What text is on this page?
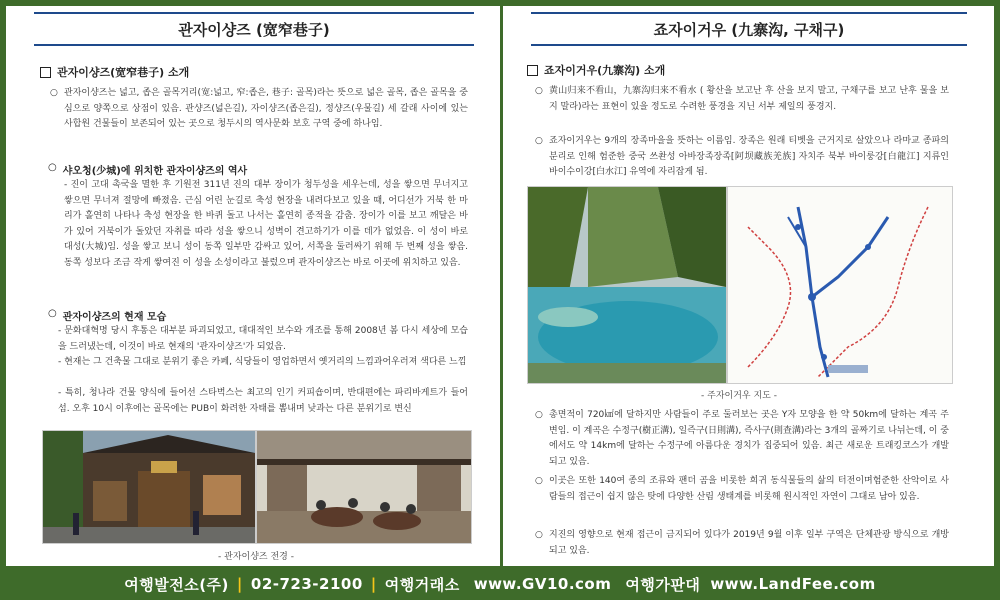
관자이샹즈 (宽窄巷子)
관자이샹즈(宽窄巷子) 소개
○ 관자이샹즈는 넓고, 좁은 골목거리(宽:넓고, 窄:좁은, 巷子: 골목)라는 뜻으로 넓은 골목, 좁은 골목을 중심으로 양쪽으로 상점이 있음. 관샹즈(넓은길), 자이샹즈(좁은길), 정샹즈(우물길) 세 갈래 사이에 있는 사합원 건물들이 보존되어 있는 곳으로 청두시의 역사문화 보호 구역 중에 하나임.
○ 샤오청(少城)에 위치한 관자이샹즈의 역사
- 진이 고대 촉국을 멸한 후 기원전 311년 진의 대부 장이가 청두성을 세우는데, 성을 쌓으면 무너지고 쌓으면 무너져 절망에 빠졌음. 근심 어린 눈길로 축성 현장을 내려다보고 있을 때, 어디선가 거북 한 마리가 홀연히 나타나 축성 현장을 한 바퀴 돌고 나서는 홀연히 종적을 감춤. 장이가 이를 보고 깨달은 바가 있어 거북이가 돌았던 자취를 따라 성을 쌓으니 성벽이 견고하기가 이를 데가 없었음. 이 성이 바로 대성(大城)임. 성을 쌓고 보니 성이 동쪽 일부만 감싸고 있어, 서쪽을 둘러싸기 위해 두 번째 성을 쌓음. 동쪽 성보다 조금 작게 쌓여진 이 성을 소성이라고 불렀으며 관자이샹즈는 바로 이곳에 위치하고 있음.
○ 관자이샹즈의 현재 모습
- 문화대혁명 당시 후통은 대부분 파괴되었고, 대대적인 보수와 개조를 통해 2008년 봄 다시 세상에 모습을 드러냈는데, 이것이 바로 현재의 '관자이샹즈'가 되었음.
- 현재는 그 건축물 그대로 분위기 좋은 카페, 식당들이 영업하면서 옛거리의 느낌과어우러져 색다른 느낌
- 특히, 청나라 건물 양식에 들어선 스타벅스는 최고의 인기 커피숍이며, 반대편에는 파리바게트가 들어섬. 오후 10시 이후에는 골목에는 PUB이 화려한 자태를 뽐내며 낮과는 다른 분위기로 변신
- 관자이샹즈 전경 -
죠자이거우 (九寨沟, 구채구)
죠자이거우(九寨沟) 소개
○ 黄山归来不看山，九寨沟归来不看水 ( 황산을 보고난 후 산을 보지 말고, 구채구를 보고 난후 물을 보지 말라)라는 표현이 있을 정도로 수려한 풍경을 지닌 서부 제일의 풍경지.
○ 죠자이거우는 9개의 장족마을을 뜻하는 이름임. 장족은 원래 티벳을 근거지로 살았으나 라마교 종파의 분리로 인해 험준한 중국 쓰촨성 아바장족장족[阿坝藏族羌族] 자치주 북부 바이룽강[白龍江] 지류인 바이수이강[白水江] 유역에 자리잡게 됨.
- 주자이거우 지도 -
○ 총면적이 720㎢에 달하지만 사람들이 주로 둘러보는 곳은 Y자 모양을 한 약 50km에 달하는 계곡 주변임. 이 계곡은 수정구(樹正溝), 일즉구(日則溝), 즉사구(則查溝)라는 3개의 골짜기로 나뉘는데, 이 중에서도 약 14km에 달하는 수정구에 아름다운 경치가 집중되어 있음. 최근 새로운 트래킹코스가 개발되고 있음.
○ 이곳은 또한 140여 종의 조류와 팬더 곰을 비롯한 희귀 동식물들의 삶의 터전이며험준한 산악이로 사람들의 접근이 쉽지 않은 탓에 다양한 산림 생태계를 비롯해 원시적인 자연이 그대로 남아 있음.
○ 지진의 영향으로 현재 접근이 금지되어 있다가 2019년 9월 이후 일부 구역은 단체관광 방식으로 개방되고 있음.
여행발전소(주) | 02-723-2100 | 여행거래소 www.GV10.com 여행가판대 www.LandFee.com
